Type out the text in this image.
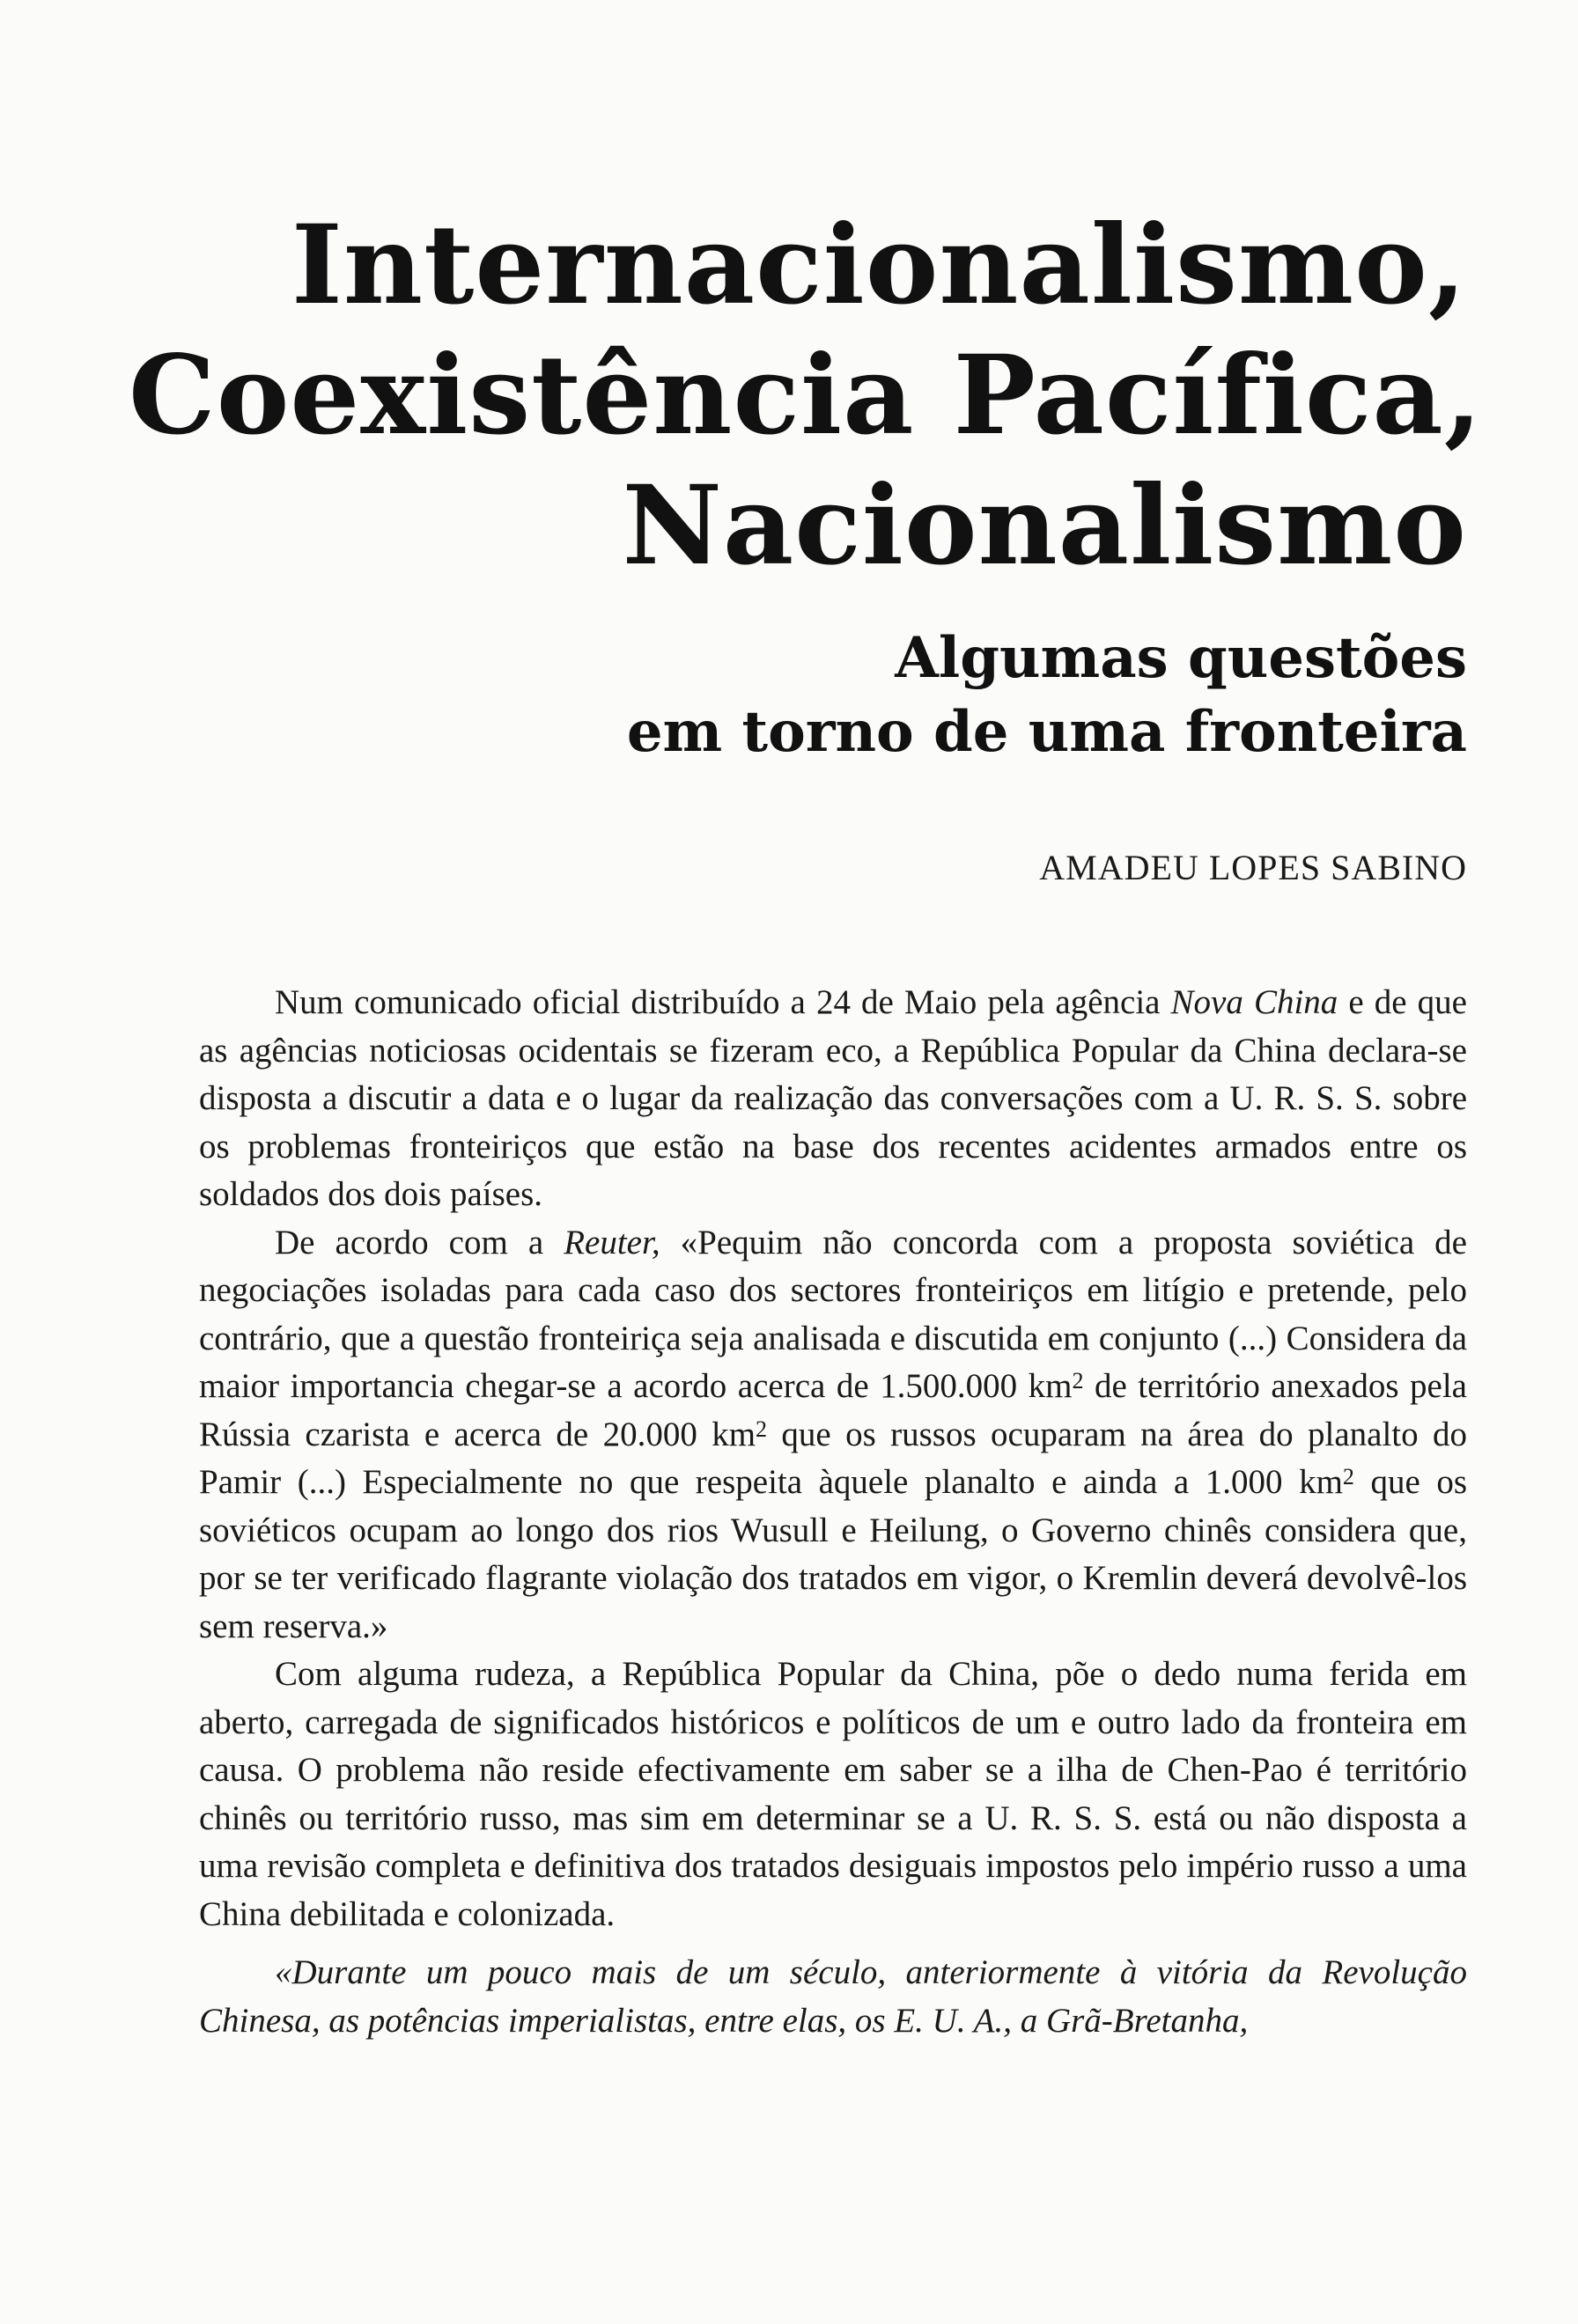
Internacionalismo,
Coexistência Pacífica,
Nacionalismo
Algumas questões
em torno de uma fronteira
AMADEU LOPES SABINO

Num comunicado oficial distribuído a 24 de Maio pela agência Nova China e de que as agências noticiosas ocidentais se fizeram eco, a República Popular da China declara-se disposta a discutir a data e o lugar da realização das conversações com a U. R. S. S. sobre os problemas fronteiriços que estão na base dos recentes acidentes armados entre os soldados dos dois países.

De acordo com a Reuter, «Pequim não concorda com a proposta soviética de negociações isoladas para cada caso dos sectores fronteiriços em litígio e pretende, pelo contrário, que a questão fronteiriça seja analisada e discutida em conjunto (...) Considera da maior importancia chegar-se a acordo acerca de 1.500.000 $km^2$ de território anexados pela Rússia czarista e acerca de 20.000 $km^2$ que os russos ocuparam na área do planalto do Pamir (...) Especialmente no que respeita àquele planalto e ainda a 1.000 $km^2$ que os soviéticos ocupam ao longo dos rios Wusull e Heilung, o Governo chinês considera que, por se ter verificado flagrante violação dos tratados em vigor, o Kremlin deverá devolvê-los sem reserva.»

Com alguma rudeza, a República Popular da China, põe o dedo numa ferida em aberto, carregada de significados históricos e políticos de um e outro lado da fronteira em causa. O problema não reside efectivamente em saber se a ilha de Chen-Pao é território chinês ou território russo, mas sim em determinar se a U. R. S. S. está ou não disposta a uma revisão completa e definitiva dos tratados desiguais impostos pelo império russo a uma China debilitada e colonizada.

«Durante um pouco mais de um século, anteriormente à vitória da Revolução Chinesa, as potências imperialistas, entre elas, os E. U. A., a Grã-Bretanha,
